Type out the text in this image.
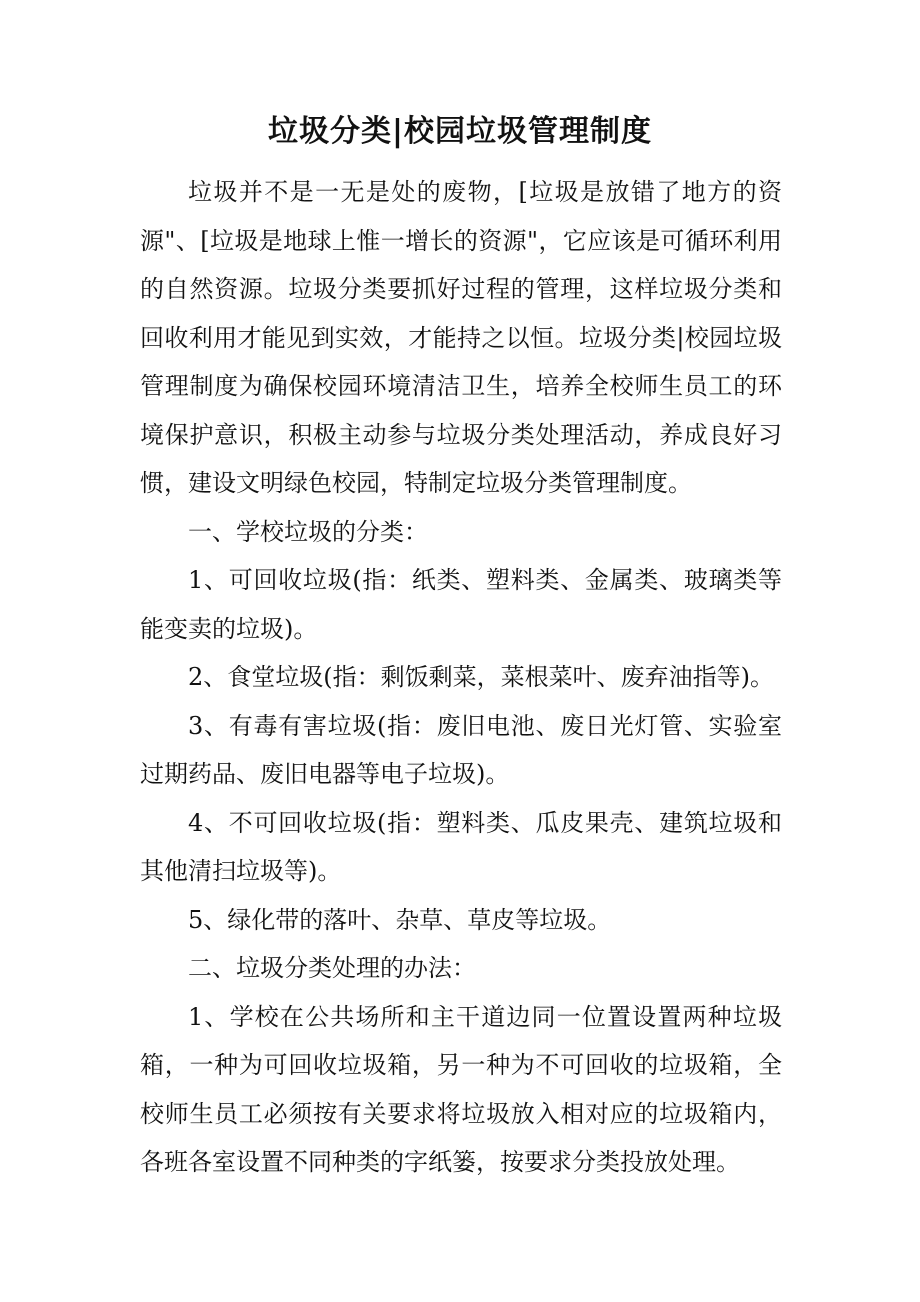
垃圾分类|校园垃圾管理制度

垃圾并不是一无是处的废物，[垃圾是放错了地方的资源"、[垃圾是地球上惟一增长的资源"，它应该是可循环利用的自然资源。垃圾分类要抓好过程的管理，这样垃圾分类和回收利用才能见到实效，才能持之以恒。垃圾分类|校园垃圾管理制度为确保校园环境清洁卫生，培养全校师生员工的环境保护意识，积极主动参与垃圾分类处理活动，养成良好习惯，建设文明绿色校园，特制定垃圾分类管理制度。

一、学校垃圾的分类：

1、可回收垃圾(指：纸类、塑料类、金属类、玻璃类等能变卖的垃圾)。

2、食堂垃圾(指：剩饭剩菜，菜根菜叶、废弃油指等)。

3、有毒有害垃圾(指：废旧电池、废日光灯管、实验室过期药品、废旧电器等电子垃圾)。

4、不可回收垃圾(指：塑料类、瓜皮果壳、建筑垃圾和其他清扫垃圾等)。

5、绿化带的落叶、杂草、草皮等垃圾。

二、垃圾分类处理的办法：

1、学校在公共场所和主干道边同一位置设置两种垃圾箱，一种为可回收垃圾箱，另一种为不可回收的垃圾箱，全校师生员工必须按有关要求将垃圾放入相对应的垃圾箱内，各班各室设置不同种类的字纸篓，按要求分类投放处理。
